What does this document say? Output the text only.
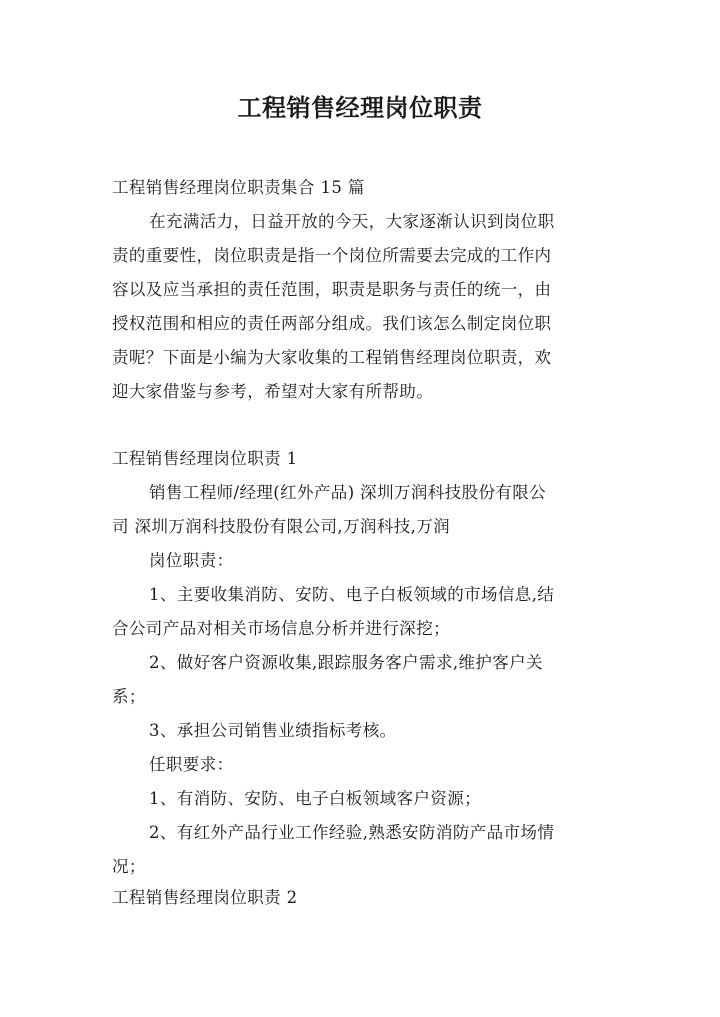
工程销售经理岗位职责
工程销售经理岗位职责集合 15 篇
在充满活力，日益开放的今天，大家逐渐认识到岗位职
责的重要性，岗位职责是指一个岗位所需要去完成的工作内
容以及应当承担的责任范围，职责是职务与责任的统一，由
授权范围和相应的责任两部分组成。我们该怎么制定岗位职
责呢？下面是小编为大家收集的工程销售经理岗位职责，欢
迎大家借鉴与参考，希望对大家有所帮助。
工程销售经理岗位职责 1
销售工程师/经理(红外产品) 深圳万润科技股份有限公
司 深圳万润科技股份有限公司,万润科技,万润
岗位职责：
1、主要收集消防、安防、电子白板领域的市场信息,结
合公司产品对相关市场信息分析并进行深挖；
2、做好客户资源收集,跟踪服务客户需求,维护客户关
系；
3、承担公司销售业绩指标考核。
任职要求：
1、有消防、安防、电子白板领域客户资源；
2、有红外产品行业工作经验,熟悉安防消防产品市场情
况；
工程销售经理岗位职责 2
